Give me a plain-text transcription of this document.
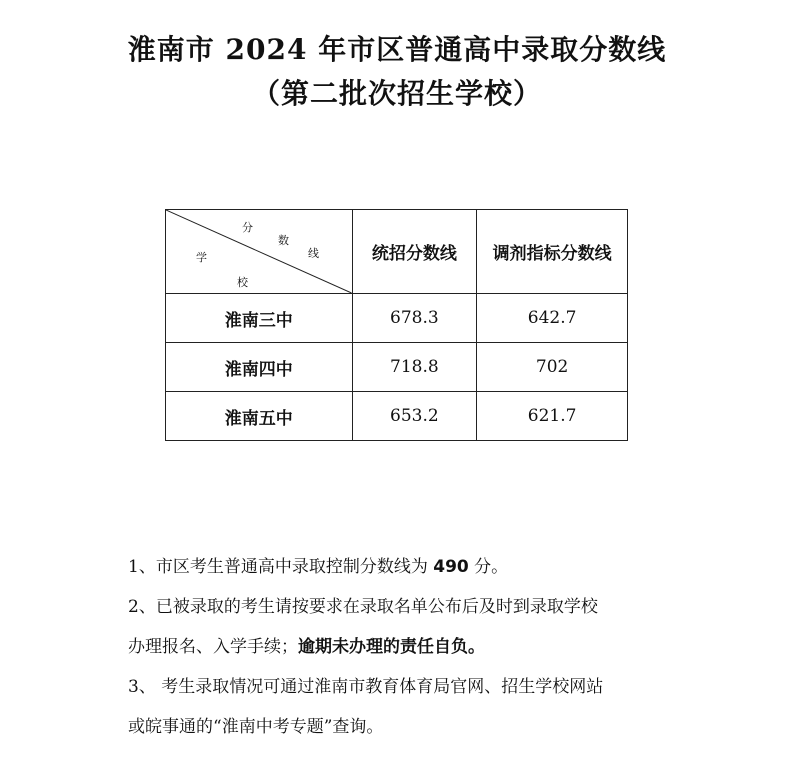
淮南市 2024 年市区普通高中录取分数线
（第二批次招生学校）
分
数
线
学
校	统招分数线	调剂指标分数线
淮南三中	678.3	642.7
淮南四中	718.8	702
淮南五中	653.2	621.7

1、市区考生普通高中录取控制分数线为 490 分。

2、已被录取的考生请按要求在录取名单公布后及时到录取学校

办理报名、入学手续；逾期未办理的责任自负。

3、 考生录取情况可通过淮南市教育体育局官网、招生学校网站

或皖事通的“淮南中考专题”查询。
